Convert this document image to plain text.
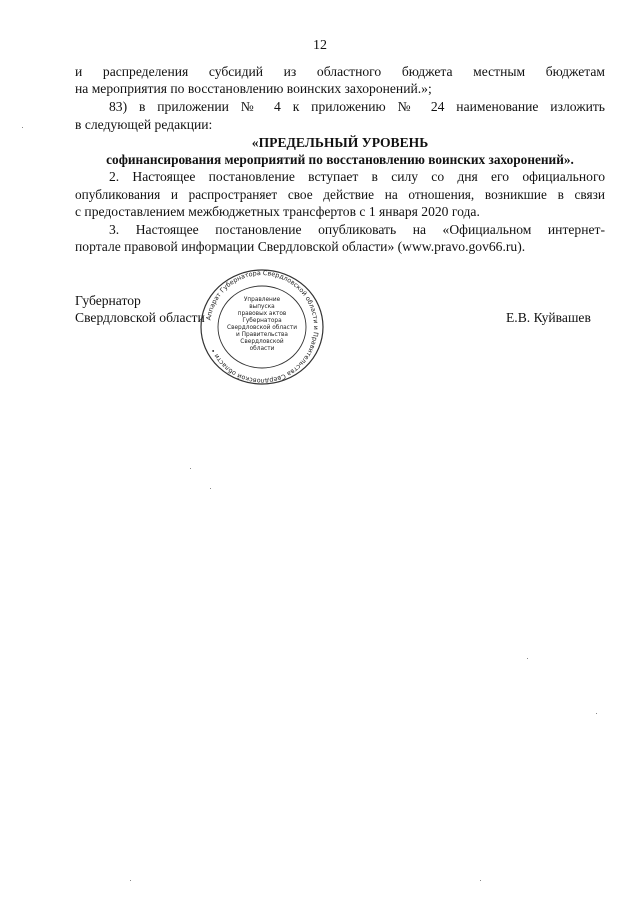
12
и распределения субсидий из областного бюджета местным бюджетам
на мероприятия по восстановлению воинских захоронений.»;
83) в приложении № 4 к приложению № 24 наименование изложить
в следующей редакции:
«ПРЕДЕЛЬНЫЙ УРОВЕНЬ
софинансирования мероприятий по восстановлению воинских захоронений».
2. Настоящее постановление вступает в силу со дня его официального
опубликования и распространяет свое действие на отношения, возникшие в связи
с предоставлением межбюджетных трансфертов с 1 января 2020 года.
3. Настоящее постановление опубликовать на «Официальном интернет-
портале правовой информации Свердловской области» (www.pravo.gov66.ru).
Губернатор
Свердловской области	Е.В. Куйвашев
Аппарат Губернатора Свердловской области и Правительства Свердловской области •
Управление
выпуска
правовых актов
Губернатора
Свердловской области
и Правительства
Свердловской
области
